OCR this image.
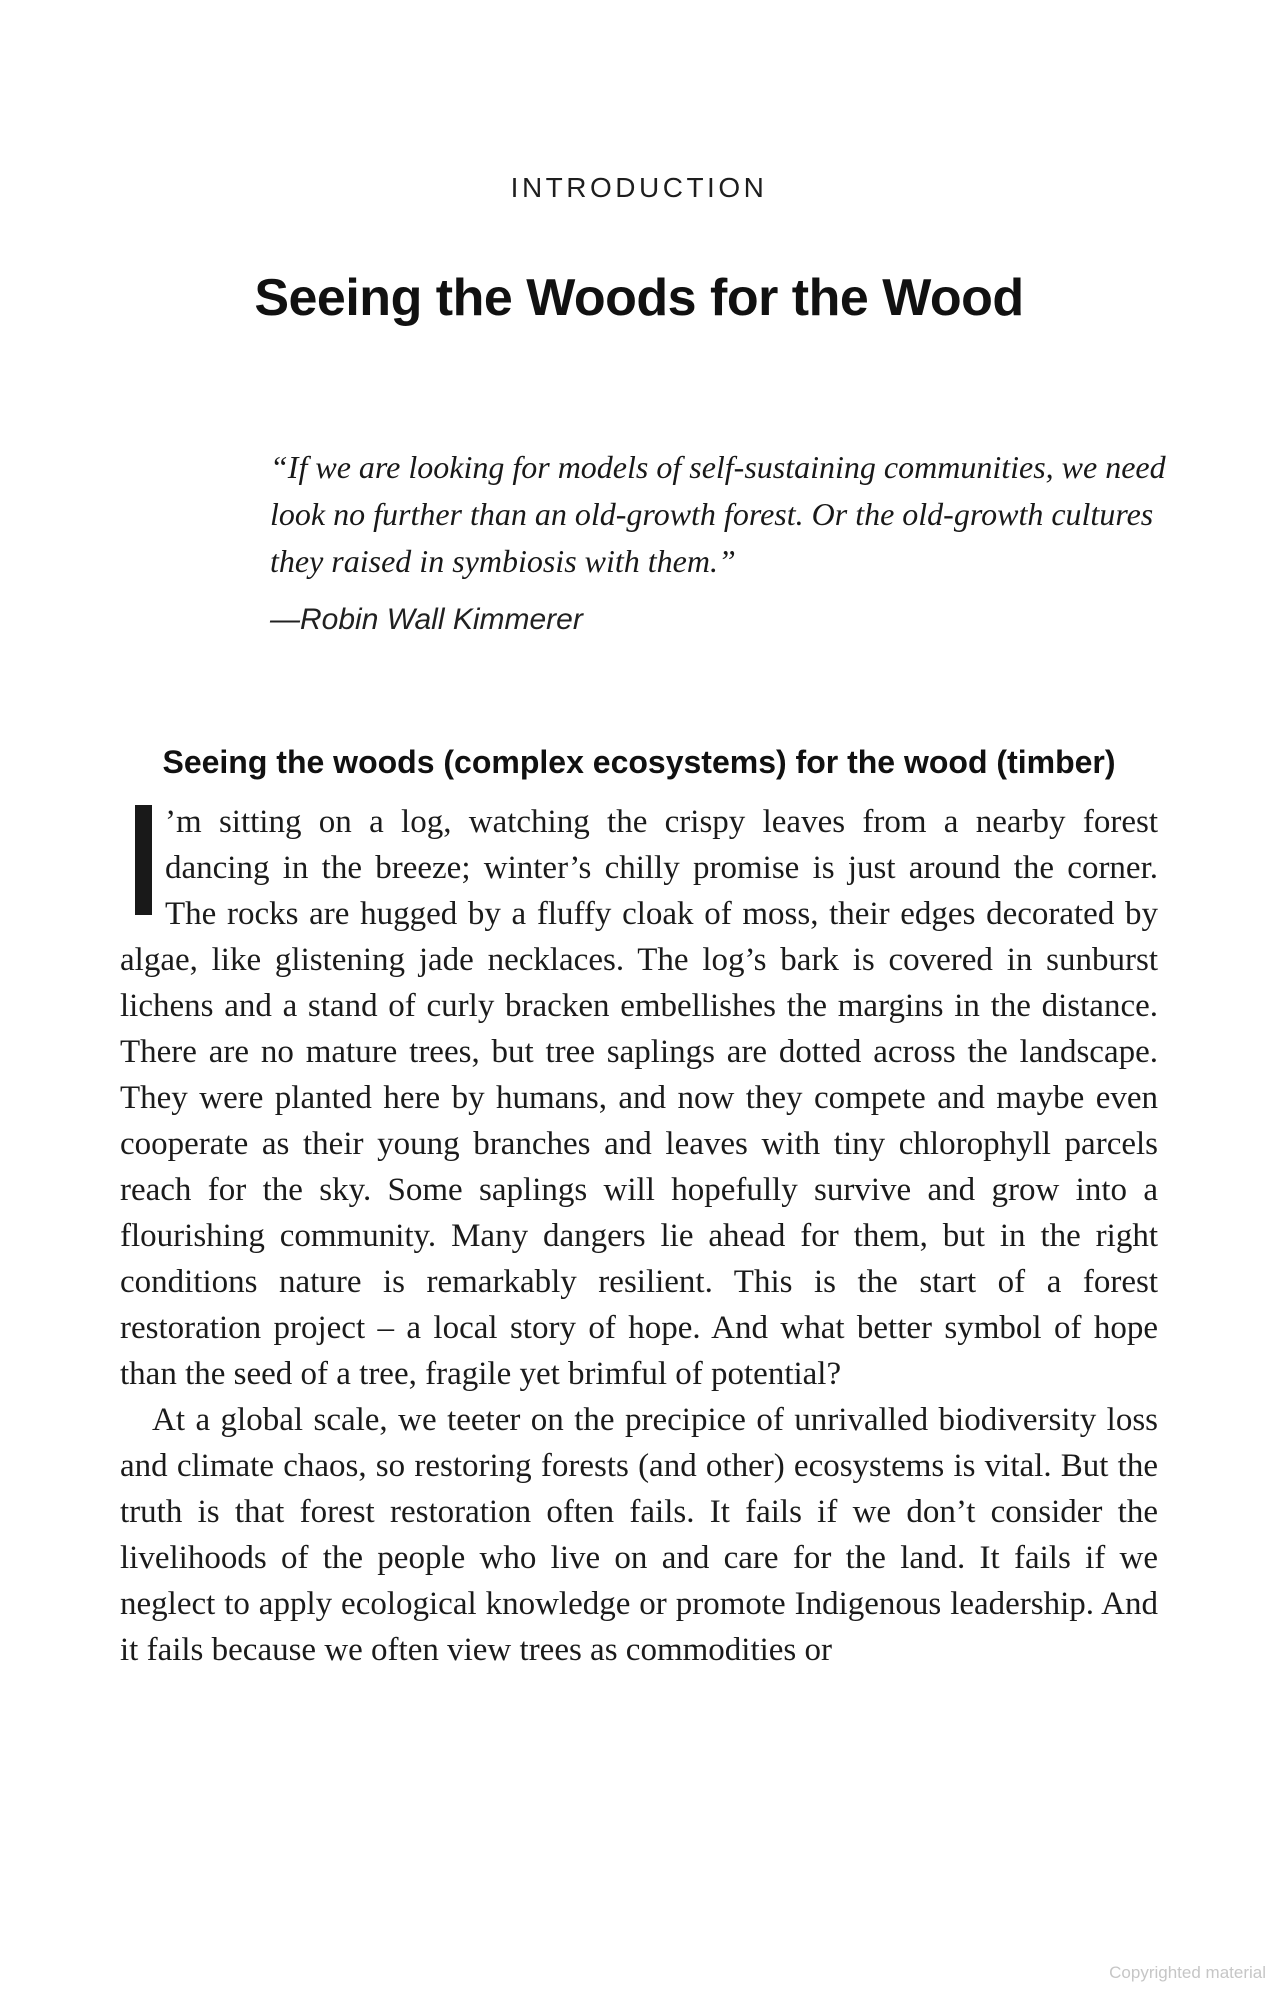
INTRODUCTION
Seeing the Woods for the Wood

“If we are looking for models of self-sustaining communities, we need look no further than an old-growth forest. Or the old-growth cultures they raised in symbiosis with them.”

—Robin Wall Kimmerer

Seeing the woods (complex ecosystems) for the wood (timber)

’m sitting on a log, watching the crispy leaves from a nearby forest dancing in the breeze; winter’s chilly promise is just around the corner. The rocks are hugged by a fluffy cloak of moss, their edges decorated by algae, like glistening jade necklaces. The log’s bark is covered in sunburst lichens and a stand of curly bracken embellishes the margins in the distance. There are no mature trees, but tree saplings are dotted across the landscape. They were planted here by humans, and now they compete and maybe even cooperate as their young branches and leaves with tiny chlorophyll parcels reach for the sky. Some saplings will hopefully survive and grow into a flourishing community. Many dangers lie ahead for them, but in the right conditions nature is remarkably resilient. This is the start of a forest restoration project – a local story of hope. And what better symbol of hope than the seed of a tree, fragile yet brimful of potential?

At a global scale, we teeter on the precipice of unrivalled biodiversity loss and climate chaos, so restoring forests (and other) ecosystems is vital. But the truth is that forest restoration often fails. It fails if we don’t consider the livelihoods of the people who live on and care for the land. It fails if we neglect to apply ecological knowledge or promote Indigenous leadership. And it fails because we often view trees as commodities or

Copyrighted material
